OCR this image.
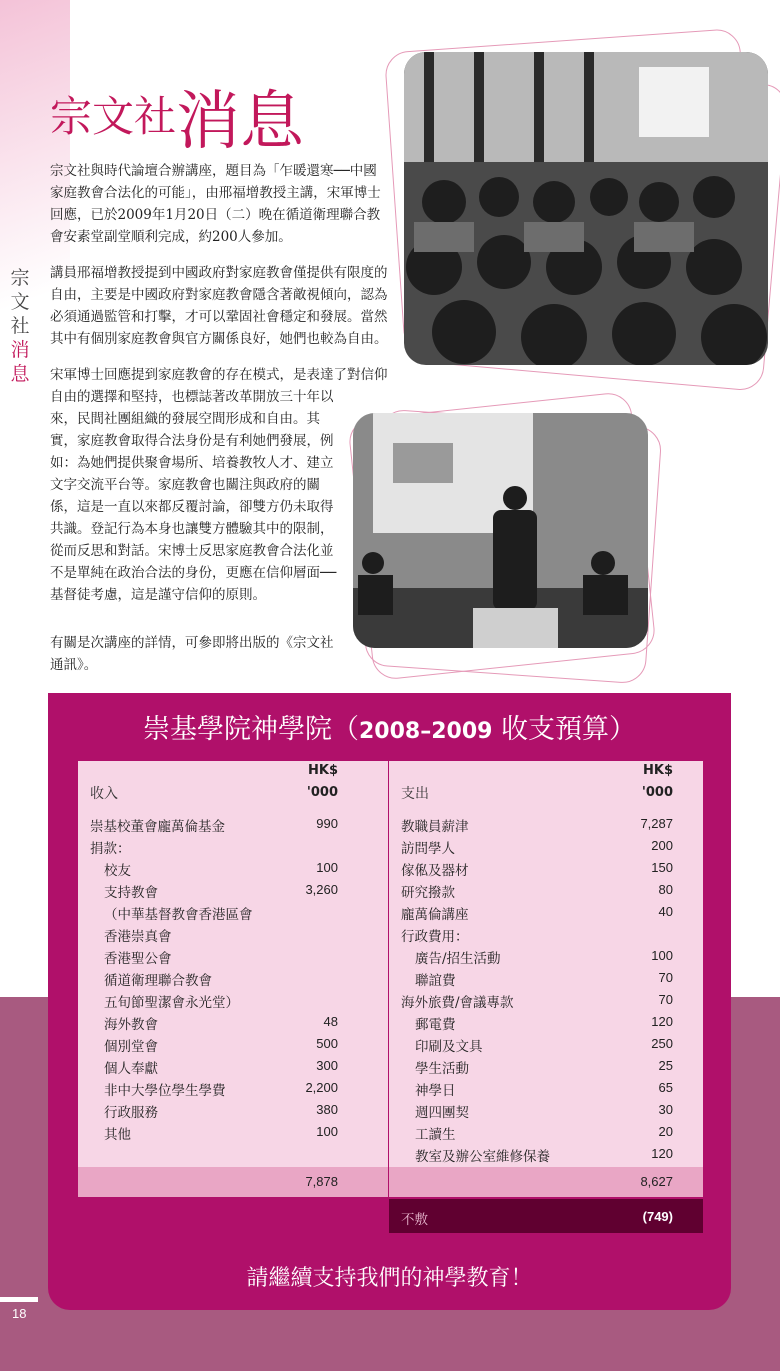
宗文社消息
宗
文
社
消
息

宗文社與時代論壇合辦講座，題目為「乍暖還寒──中國家庭教會合法化的可能」，由邢福增教授主講，宋軍博士回應，已於2009年1月20日（二）晚在循道衛理聯合教會安素堂副堂順利完成，約200人參加。

講員邢福增教授提到中國政府對家庭教會僅提供有限度的自由，主要是中國政府對家庭教會隱含著敵視傾向，認為必須通過監管和打擊，才可以鞏固社會穩定和發展。當然其中有個別家庭教會與官方關係良好，她們也較為自由。

宋軍博士回應提到家庭教會的存在模式，是表達了對信仰

自由的選擇和堅持，也標誌著改革開放三十年以來，民間社團組織的發展空間形成和自由。其實，家庭教會取得合法身份是有利她們發展，例如：為她們提供聚會場所、培養教牧人才、建立文字交流平台等。家庭教會也關注與政府的關係，這是一直以來都反覆討論，卻雙方仍未取得共識。登記行為本身也讓雙方體驗其中的限制，從而反思和對話。宋博士反思家庭教會合法化並不是單純在政治合法的身份，更應在信仰層面──基督徒考慮，這是謹守信仰的原則。

有關是次講座的詳情，可參即將出版的《宗文社通訊》。

崇基學院神學院（2008–2009 收支預算）
收入
HK$
'000
崇基校董會龐萬倫基金	990
捐款：
校友	100
支持教會	3,260
（中華基督教會香港區會
香港崇真會
香港聖公會
循道衛理聯合教會
五旬節聖潔會永光堂）
海外教會	48
個別堂會	500
個人奉獻	300
非中大學位學生學費	2,200
行政服務	380
其他	100
7,878
支出
HK$
'000
教職員薪津	7,287
訪問學人	200
傢俬及器材	150
研究撥款	80
龐萬倫講座	40
行政費用：
廣告/招生活動	100
聯誼費	70
海外旅費/會議專款	70
郵電費	120
印刷及文具	250
學生活動	25
神學日	65
週四團契	30
工讀生	20
教室及辦公室維修保養	120
8,627
不敷	(749)
請繼續支持我們的神學教育！
18
